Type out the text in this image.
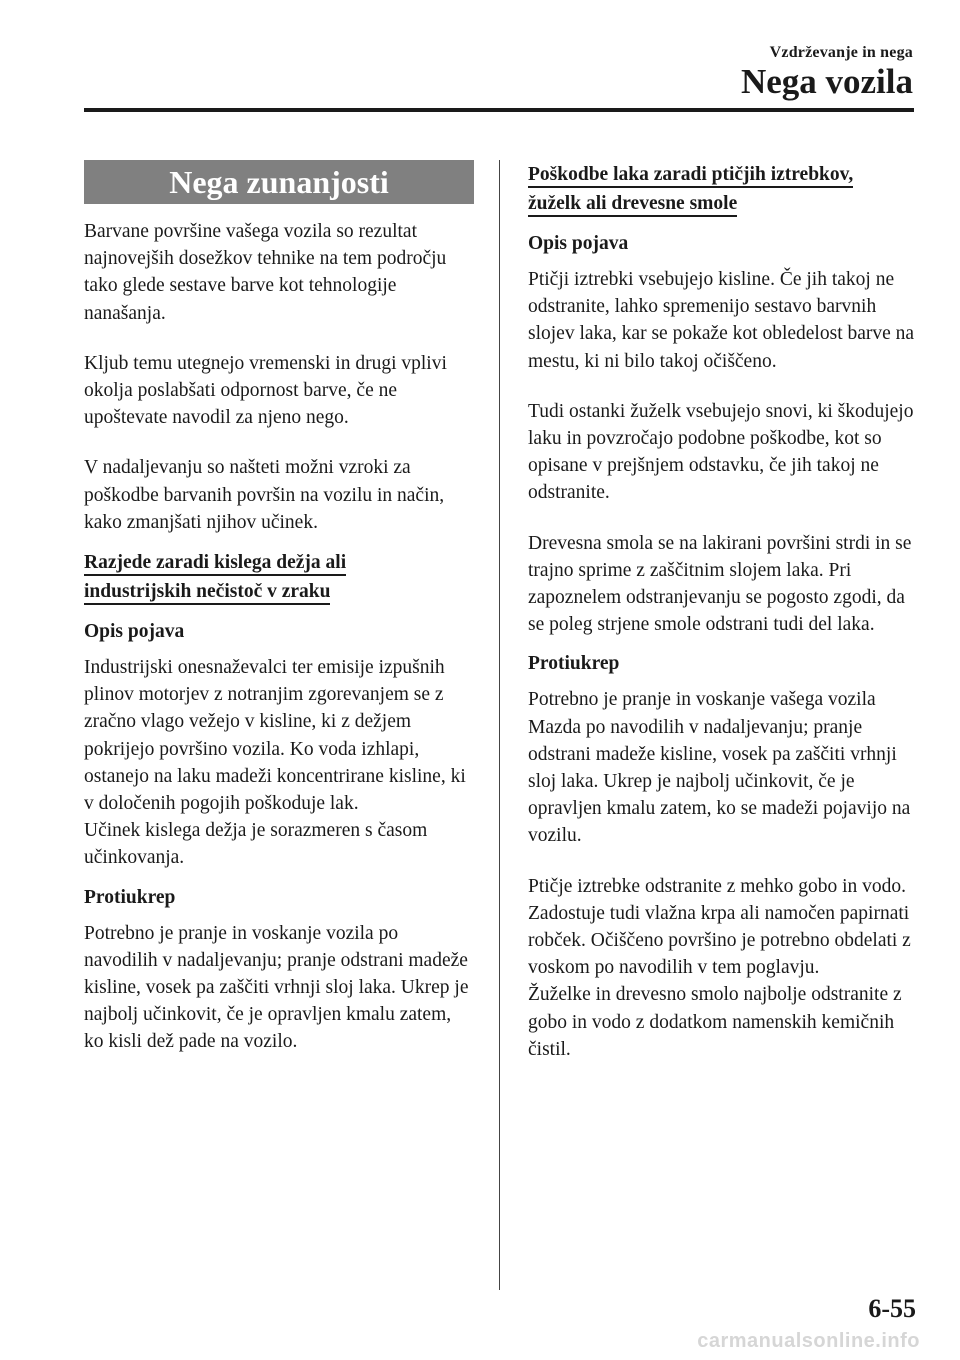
Vzdrževanje in nega
Nega vozila
Nega zunanjosti

Barvane površine vašega vozila so rezultat najnovejših dosežkov tehnike na tem področju tako glede sestave barve kot tehnologije nanašanja.

Kljub temu utegnejo vremenski in drugi vplivi okolja poslabšati odpornost barve, če ne upoštevate navodil za njeno nego.

V nadaljevanju so našteti možni vzroki za poškodbe barvanih površin na vozilu in način, kako zmanjšati njihov učinek.

Razjede zaradi kislega dežja ali
industrijskih nečistoč v zraku
Opis pojava

Industrijski onesnaževalci ter emisije izpušnih plinov motorjev z notranjim zgorevanjem se z zračno vlago vežejo v kisline, ki z dežjem pokrijejo površino vozila. Ko voda izhlapi, ostanejo na laku madeži koncentrirane kisline, ki v določenih pogojih poškoduje lak.

Učinek kislega dežja je sorazmeren s časom učinkovanja.

Protiukrep

Potrebno je pranje in voskanje vozila po navodilih v nadaljevanju; pranje odstrani madeže kisline, vosek pa zaščiti vrhnji sloj laka. Ukrep je najbolj učinkovit, če je opravljen kmalu zatem, ko kisli dež pade na vozilo.

Poškodbe laka zaradi ptičjih iztrebkov,
žuželk ali drevesne smole
Opis pojava

Ptičji iztrebki vsebujejo kisline. Če jih takoj ne odstranite, lahko spremenijo sestavo barvnih slojev laka, kar se pokaže kot obledelost barve na mestu, ki ni bilo takoj očiščeno.

Tudi ostanki žuželk vsebujejo snovi, ki škodujejo laku in povzročajo podobne poškodbe, kot so opisane v prejšnjem odstavku, če jih takoj ne odstranite.

Drevesna smola se na lakirani površini strdi in se trajno sprime z zaščitnim slojem laka. Pri zapoznelem odstranjevanju se pogosto zgodi, da se poleg strjene smole odstrani tudi del laka.

Protiukrep

Potrebno je pranje in voskanje vašega vozila Mazda po navodilih v nadaljevanju; pranje odstrani madeže kisline, vosek pa zaščiti vrhnji sloj laka. Ukrep je najbolj učinkovit, če je opravljen kmalu zatem, ko se madeži pojavijo na vozilu.

Ptičje iztrebke odstranite z mehko gobo in vodo. Zadostuje tudi vlažna krpa ali namočen papirnati robček. Očiščeno površino je potrebno obdelati z voskom po navodilih v tem poglavju.

Žuželke in drevesno smolo najbolje odstranite z gobo in vodo z dodatkom namenskih kemičnih čistil.

6-55
carmanualsonline.info
